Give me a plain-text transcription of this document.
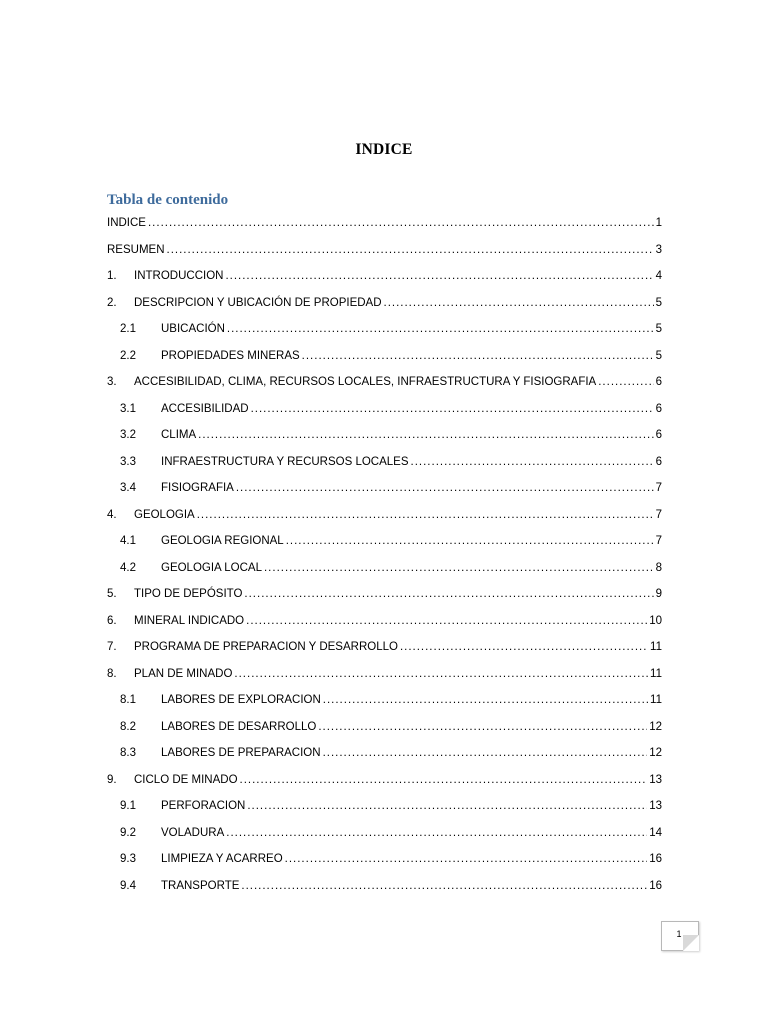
INDICE
Tabla de contenido
INDICE .....	1
RESUMEN .....	3
1.	INTRODUCCION .....	4
2.	DESCRIPCION Y UBICACIÓN DE PROPIEDAD .....	5
2.1	UBICACIÓN .....	5
2.2	PROPIEDADES MINERAS .....	5
3.	ACCESIBILIDAD, CLIMA, RECURSOS LOCALES, INFRAESTRUCTURA Y FISIOGRAFIA .....	6
3.1	ACCESIBILIDAD .....	6
3.2	CLIMA .....	6
3.3	INFRAESTRUCTURA Y RECURSOS LOCALES .....	6
3.4	FISIOGRAFIA .....	7
4.	GEOLOGIA .....	7
4.1	GEOLOGIA REGIONAL .....	7
4.2	GEOLOGIA LOCAL .....	8
5.	TIPO DE DEPÓSITO .....	9
6.	MINERAL INDICADO .....	10
7.	PROGRAMA DE PREPARACION Y DESARROLLO .....	11
8.	PLAN DE MINADO .....	11
8.1	LABORES DE EXPLORACION .....	11
8.2	LABORES DE DESARROLLO .....	12
8.3	LABORES DE PREPARACION .....	12
9.	CICLO DE MINADO .....	13
9.1	PERFORACION .....	13
9.2	VOLADURA .....	14
9.3	LIMPIEZA Y ACARREO .....	16
9.4	TRANSPORTE .....	16
1
